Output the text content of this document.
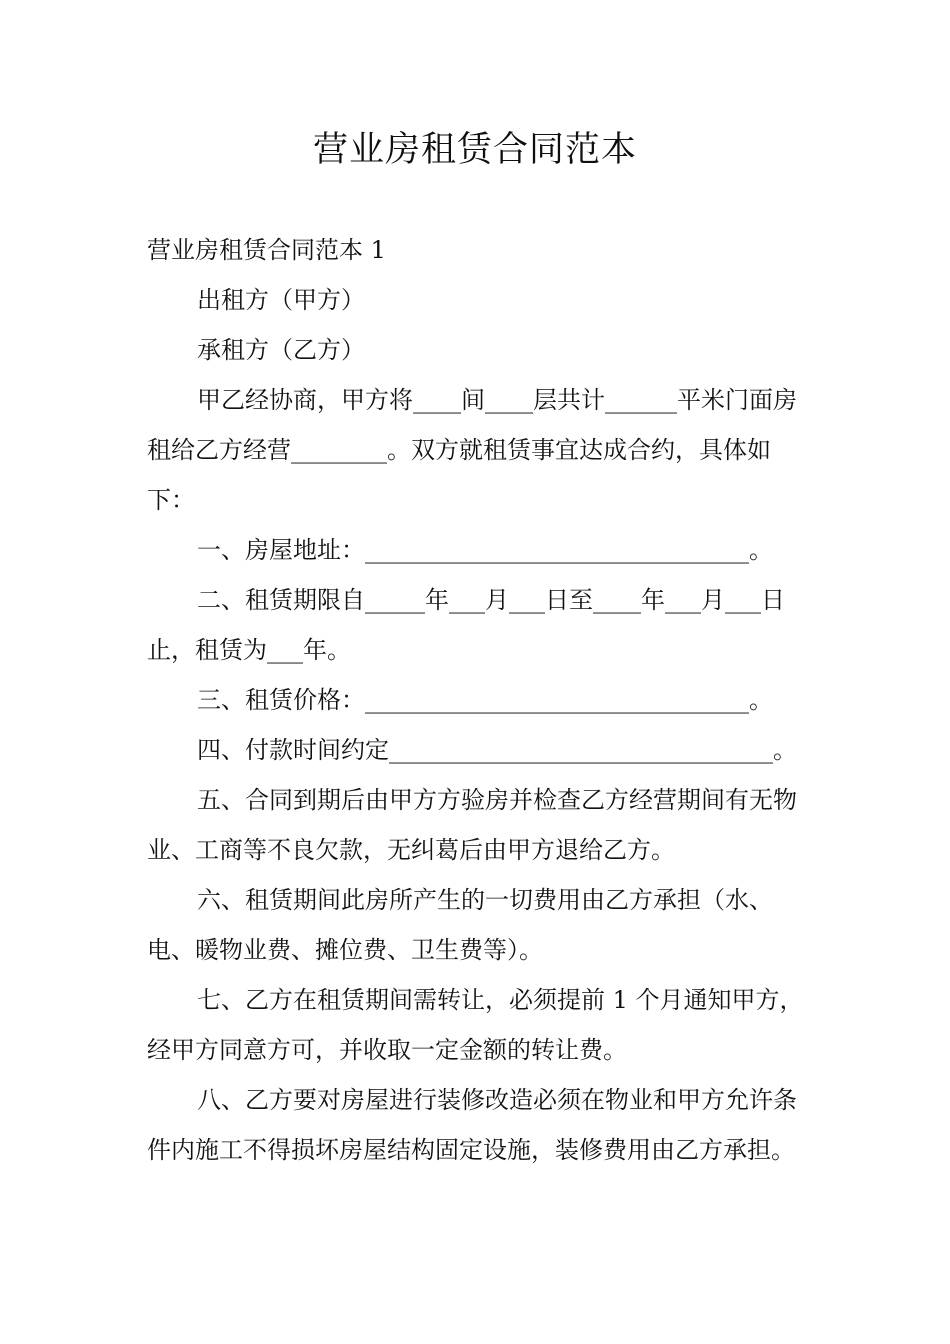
营业房租赁合同范本

营业房租赁合同范本 1

出租方（甲方）

承租方（乙方）

甲乙经协商，甲方将____间____层共计______平米门面房租给乙方经营________。双方就租赁事宜达成合约，具体如下：

一、房屋地址：________________________________。

二、租赁期限自_____年___月___日至____年___月___日止，租赁为___年。

三、租赁价格：________________________________。

四、付款时间约定________________________________。

五、合同到期后由甲方方验房并检查乙方经营期间有无物业、工商等不良欠款，无纠葛后由甲方退给乙方。

六、租赁期间此房所产生的一切费用由乙方承担（水、电、暖物业费、摊位费、卫生费等）。

七、乙方在租赁期间需转让，必须提前 1 个月通知甲方，经甲方同意方可，并收取一定金额的转让费。

八、乙方要对房屋进行装修改造必须在物业和甲方允许条件内施工不得损坏房屋结构固定设施，装修费用由乙方承担。
